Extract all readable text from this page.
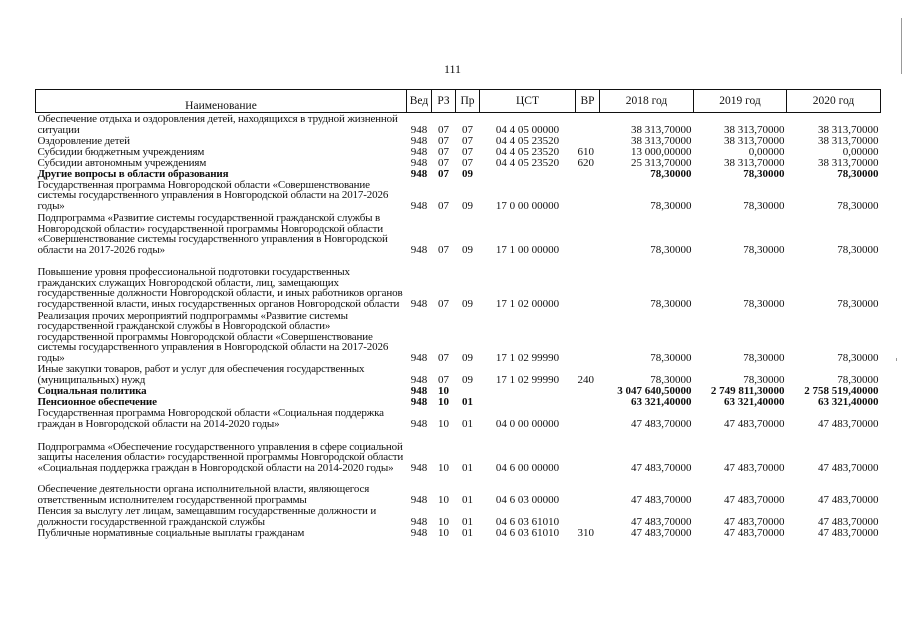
111
Наименование	Вед	РЗ	Пр	ЦСТ	ВР	2018 год	2019 год	2020 год
Обеспечение отдыха и оздоровления детей, находящихся в трудной жизненной ситуации	948	07	07	04 4 05 00000		38 313,70000	38 313,70000	38 313,70000
Оздоровление детей	948	07	07	04 4 05 23520		38 313,70000	38 313,70000	38 313,70000
Субсидии бюджетным учреждениям	948	07	07	04 4 05 23520	610	13 000,00000	0,00000	0,00000
Субсидии автономным учреждениям	948	07	07	04 4 05 23520	620	25 313,70000	38 313,70000	38 313,70000
Другие вопросы в области образования	948	07	09			78,30000	78,30000	78,30000
Государственная программа Новгородской области «Совершенствование системы государственного управления в Новгородской области на 2017-2026 годы»	948	07	09	17 0 00 00000		78,30000	78,30000	78,30000
Подпрограмма «Развитие системы государственной гражданской службы в Новгородской области» государственной программы Новгородской области «Совершенствование системы государственного управления в Новгородской области на 2017-2026 годы»	948	07	09	17 1 00 00000		78,30000	78,30000	78,30000
Повышение уровня профессиональной подготовки государственных гражданских служащих Новгородской области, лиц, замещающих государственные должности Новгородской области, и иных работников органов государственной власти, иных государственных органов Новгородской области	948	07	09	17 1 02 00000		78,30000	78,30000	78,30000
Реализация прочих мероприятий подпрограммы «Развитие системы государственной гражданской службы в Новгородской области» государственной программы Новгородской области «Совершенствование системы государственного управления в Новгородской области на 2017-2026 годы»	948	07	09	17 1 02 99990		78,30000	78,30000	78,30000
Иные закупки товаров, работ и услуг для обеспечения государственных (муниципальных) нужд	948	07	09	17 1 02 99990	240	78,30000	78,30000	78,30000
Социальная политика	948	10				3 047 640,50000	2 749 811,30000	2 758 519,40000
Пенсионное обеспечение	948	10	01			63 321,40000	63 321,40000	63 321,40000
Государственная программа Новгородской области «Социальная поддержка граждан в Новгородской области на 2014-2020 годы»	948	10	01	04 0 00 00000		47 483,70000	47 483,70000	47 483,70000
Подпрограмма «Обеспечение государственного управления в сфере социальной защиты населения области» государственной программы Новгородской области «Социальная поддержка граждан в Новгородской области на 2014-2020 годы»	948	10	01	04 6 00 00000		47 483,70000	47 483,70000	47 483,70000
Обеспечение деятельности органа исполнительной власти, являющегося ответственным исполнителем государственной программы	948	10	01	04 6 03 00000		47 483,70000	47 483,70000	47 483,70000
Пенсия за выслугу лет лицам, замещавшим государственные должности и должности государственной гражданской службы	948	10	01	04 6 03 61010		47 483,70000	47 483,70000	47 483,70000
Публичные нормативные социальные выплаты гражданам	948	10	01	04 6 03 61010	310	47 483,70000	47 483,70000	47 483,70000
